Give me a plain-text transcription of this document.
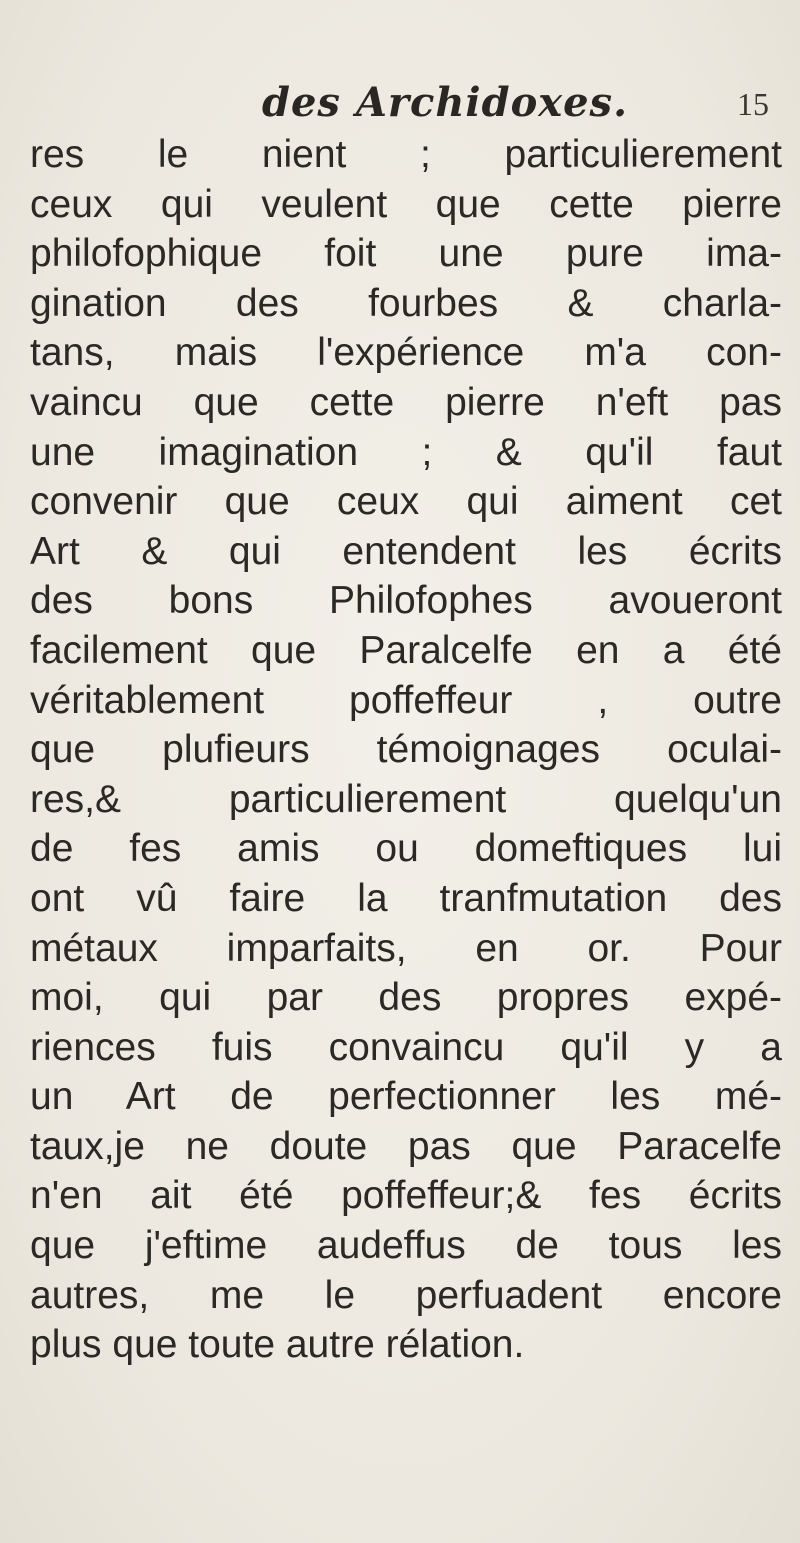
des Archidoxes.	15
res le nient ; particulierement
ceux qui veulent que cette pierre
philofophique foit une pure ima-
gination des fourbes & charla-
tans, mais l'expérience m'a con-
vaincu que cette pierre n'eft pas
une imagination ; & qu'il faut
convenir que ceux qui aiment cet
Art & qui entendent les écrits
des bons Philofophes avoueront
facilement que Paralcelfe en a été
véritablement poffeffeur , outre
que plufieurs témoignages oculai-
res,& particulierement quelqu'un
de fes amis ou domeftiques lui
ont vû faire la tranfmutation des
métaux imparfaits, en or. Pour
moi, qui par des propres expé-
riences fuis convaincu qu'il y a
un Art de perfectionner les mé-
taux,je ne doute pas que Paracelfe
n'en ait été poffeffeur;& fes écrits
que j'eftime audeffus de tous les
autres, me le perfuadent encore
plus que toute autre rélation.
